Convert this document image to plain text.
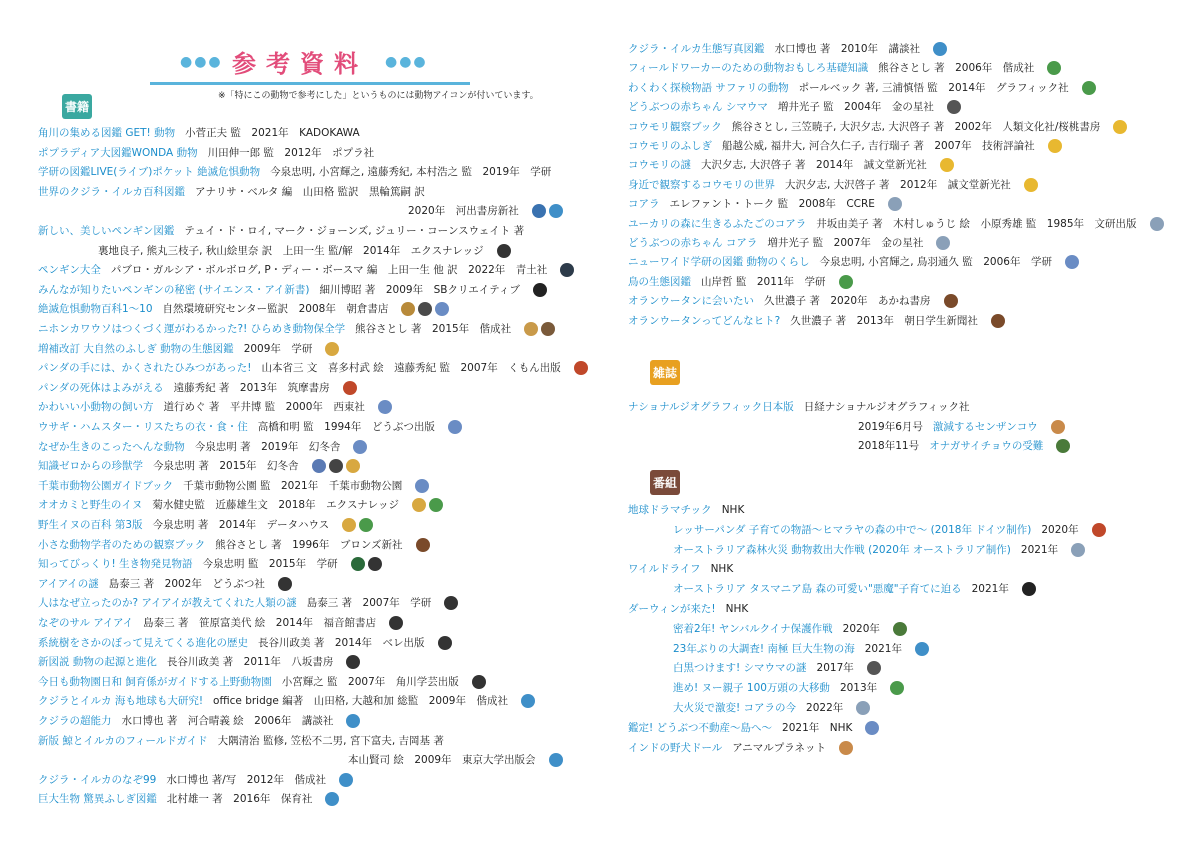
●●● 参考資料 ●●●
※「特にこの動物で参考にした」というものには動物アイコンが付いています。
書籍
雑誌
番組
角川の集める図鑑 GET! 動物 小菅正夫 監　2021年　KADOKAWA
ポプラディア大図鑑WONDA 動物 川田伸一郎 監　2012年　ポプラ社
学研の図鑑LIVE(ライブ)ポケット 絶滅危惧動物 今泉忠明, 小宮輝之, 遠藤秀紀, 本村浩之 監　2019年　学研
世界のクジラ・イルカ百科図鑑 アナリサ・ベルタ 編　山田格 監訳　黒輪篤嗣 訳
2020年　河出書房新社
新しい、美しいペンギン図鑑 テュイ・ド・ロイ, マーク・ジョーンズ, ジュリー・コーンスウェイト 著
裏地良子, 熊丸三枝子, 秋山絵里奈 訳　上田一生 監/解　2014年　エクスナレッジ
ペンギン大全 パブロ・ガルシア・ボルボログ, P・ディー・ボースマ 編　上田一生 他 訳　2022年　青土社
みんなが知りたいペンギンの秘密 (サイエンス・アイ新書) 細川博昭 著　2009年　SBクリエイティブ
絶滅危惧動物百科1〜10 自然環境研究センター監訳　2008年　朝倉書店
ニホンカワウソはつくづく運がわるかった?! ひらめき動物保全学 熊谷さとし 著　2015年　偕成社
増補改訂 大自然のふしぎ 動物の生態図鑑 2009年　学研
パンダの手には、かくされたひみつがあった! 山本省三 文　喜多村武 絵　遠藤秀紀 監　2007年　くもん出版
パンダの死体はよみがえる 遠藤秀紀 著　2013年　筑摩書房
かわいい小動物の飼い方 道行めぐ 著　平井博 監　2000年　西東社
ウサギ・ハムスター・リスたちの衣・食・住 高橋和明 監　1994年　どうぶつ出版
なぜか生きのこったへんな動物 今泉忠明 著　2019年　幻冬舎
知識ゼロからの珍獣学 今泉忠明 著　2015年　幻冬舎
千葉市動物公園ガイドブック 千葉市動物公園 監　2021年　千葉市動物公園
オオカミと野生のイヌ 菊水健史監　近藤雄生文　2018年　エクスナレッジ
野生イヌの百科 第3版 今泉忠明 著　2014年　データハウス
小さな動物学者のための観察ブック 熊谷さとし 著　1996年　ブロンズ新社
知ってびっくり! 生き物発見物語 今泉忠明 監　2015年　学研
アイアイの謎 島泰三 著　2002年　どうぶつ社
人はなぜ立ったのか? アイアイが教えてくれた人類の謎 島泰三 著　2007年　学研
なぞのサル アイアイ 島泰三 著　笹原富美代 絵　2014年　福音館書店
系統樹をさかのぼって見えてくる進化の歴史 長谷川政美 著　2014年　ベレ出版
新図説 動物の起源と進化 長谷川政美 著　2011年　八坂書房
今日も動物園日和 飼育係がガイドする上野動物園 小宮輝之 監　2007年　角川学芸出版
クジラとイルカ 海も地球も大研究! office bridge 編著　山田格, 大越和加 総監　2009年　偕成社
クジラの超能力 水口博也 著　河合晴義 絵　2006年　講談社
新版 鯨とイルカのフィールドガイド 大隅清治 監修, 笠松不二男, 宮下富夫, 吉岡基 著
本山賢司 絵　2009年　東京大学出版会
クジラ・イルカのなぞ99 水口博也 著/写　2012年　偕成社
巨大生物 驚異ふしぎ図鑑 北村雄一 著　2016年　保育社
クジラ・イルカ生態写真図鑑 水口博也 著　2010年　講談社
フィールドワーカーのための動物おもしろ基礎知識 熊谷さとし 著　2006年　偕成社
わくわく探検物語 サファリの動物 ポールベック 著, 三浦慎悟 監　2014年　グラフィック社
どうぶつの赤ちゃん シマウマ 増井光子 監　2004年　金の星社
コウモリ観察ブック 熊谷さとし, 三笠暁子, 大沢夕志, 大沢啓子 著　2002年　人類文化社/桜桃書房
コウモリのふしぎ 船越公威, 福井大, 河合久仁子, 吉行瑞子 著　2007年　技術評論社
コウモリの謎 大沢夕志, 大沢啓子 著　2014年　誠文堂新光社
身近で観察するコウモリの世界 大沢夕志, 大沢啓子 著　2012年　誠文堂新光社
コアラ エレファント・トーク 監　2008年　CCRE
ユーカリの森に生きるふたごのコアラ 井坂由美子 著　木村しゅうじ 絵　小原秀雄 監　1985年　文研出版
どうぶつの赤ちゃん コアラ 増井光子 監　2007年　金の星社
ニューワイド学研の図鑑 動物のくらし 今泉忠明, 小宮輝之, 鳥羽通久 監　2006年　学研
鳥の生態図鑑 山岸哲 監　2011年　学研
オランウータンに会いたい 久世濃子 著　2020年　あかね書房
オランウータンってどんなヒト? 久世濃子 著　2013年　朝日学生新聞社
ナショナルジオグラフィック日本版 日経ナショナルジオグラフィック社
2019年6月号 激減するセンザンコウ
2018年11号 オナガサイチョウの受難
地球ドラマチック NHK
レッサーパンダ 子育ての物語〜ヒマラヤの森の中で〜 (2018年 ドイツ制作) 2020年
オーストラリア森林火災 動物救出大作戦 (2020年 オーストラリア制作) 2021年
ワイルドライフ NHK
オーストラリア タスマニア島 森の可愛い"悪魔"子育てに迫る 2021年
ダーウィンが来た! NHK
密着2年! ヤンバルクイナ保護作戦 2020年
23年ぶりの大調査! 南極 巨大生物の海 2021年
白黒つけます! シマウマの謎 2017年
進め! ヌー親子 100万頭の大移動 2013年
大火災で激変! コアラの今 2022年
鑑定! どうぶつ不動産〜島へ〜 2021年　NHK
インドの野犬ドール アニマルプラネット
